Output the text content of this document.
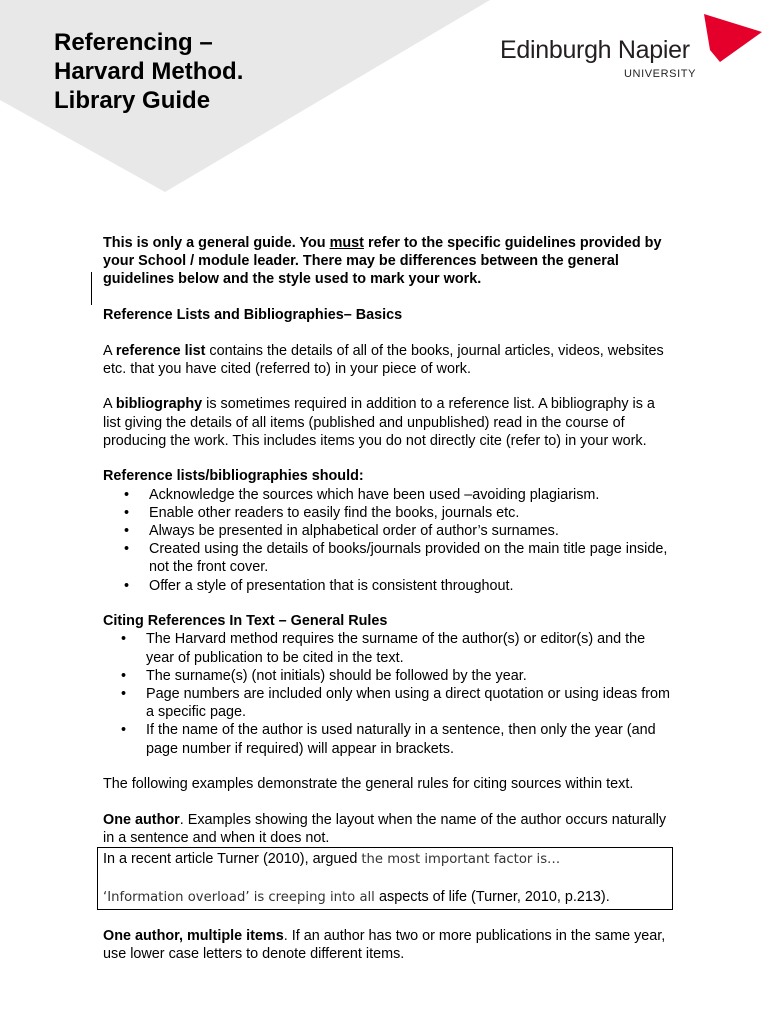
Referencing –
Harvard Method.
Library Guide
Edinburgh Napier
UNIVERSITY

This is only a general guide. You must refer to the specific guidelines provided by your School / module leader. There may be differences between the general guidelines below and the style used to mark your work.

Reference Lists and Bibliographies– Basics

A reference list contains the details of all of the books, journal articles, videos, websites etc. that you have cited (referred to) in your piece of work.

A bibliography is sometimes required in addition to a reference list. A bibliography is a list giving the details of all items (published and unpublished) read in the course of producing the work. This includes items you do not directly cite (refer to) in your work.

Reference lists/bibliographies should:

• Acknowledge the sources which have been used –avoiding plagiarism.
• Enable other readers to easily find the books, journals etc.
• Always be presented in alphabetical order of author’s surnames.
• Created using the details of books/journals provided on the main title page inside, not the front cover.
• Offer a style of presentation that is consistent throughout.

Citing References In Text – General Rules

• The Harvard method requires the surname of the author(s) or editor(s) and the year of publication to be cited in the text.
• The surname(s) (not initials) should be followed by the year.
• Page numbers are included only when using a direct quotation or using ideas from a specific page.
• If the name of the author is used naturally in a sentence, then only the year (and page number if required) will appear in brackets.

The following examples demonstrate the general rules for citing sources within text.

One author. Examples showing the layout when the name of the author occurs naturally in a sentence and when it does not.

In a recent article Turner (2010), argued the most important factor is…

‘Information overload’ is creeping into all aspects of life (Turner, 2010, p.213).

One author, multiple items. If an author has two or more publications in the same year, use lower case letters to denote different items.
